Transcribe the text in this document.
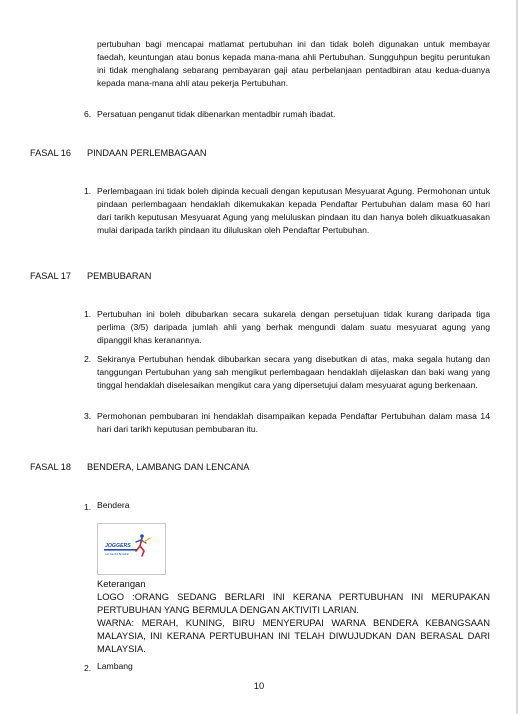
pertubuhan bagi mencapai matlamat pertubuhan ini dan tidak boleh digunakan untuk membayar faedah, keuntungan atau bonus kepada mana-mana ahli Pertubuhan. Sungguhpun begitu peruntukan ini tidak menghalang sebarang pembayaran gaji atau perbelanjaan pentadbiran atau kedua-duanya kepada mana-mana ahli atau pekerja Pertubuhan.

6. Persatuan penganut tidak dibenarkan mentadbir rumah ibadat.

FASAL 16 PINDAAN PERLEMBAGAAN
1. Perlembagaan ini tidak boleh dipinda kecuali dengan keputusan Mesyuarat Agung. Permohonan untuk pindaan perlembagaan hendaklah dikemukakan kepada Pendaftar Pertubuhan dalam masa 60 hari dari tarikh keputusan Mesyuarat Agung yang meluluskan pindaan itu dan hanya boleh dikuatkuasakan mulai daripada tarikh pindaan itu diluluskan oleh Pendaftar Pertubuhan.

FASAL 17 PEMBUBARAN
1. Pertubuhan ini boleh dibubarkan secara sukarela dengan persetujuan tidak kurang daripada tiga perlima (3/5) daripada jumlah ahli yang berhak mengundi dalam suatu mesyuarat agung yang dipanggil khas keranannya.

2. Sekiranya Pertubuhan hendak dibubarkan secara yang disebutkan di atas, maka segala hutang dan tanggungan Pertubuhan yang sah mengikut perlembagaan hendaklah dijelaskan dan baki wang yang tinggal hendaklah diselesaikan mengikut cara yang dipersetujui dalam mesyuarat agung berkenaan.

3. Permohonan pembubaran ini hendaklah disampaikan kepada Pendaftar Pertubuhan dalam masa 14 hari dari tarikh keputusan pembubaran itu.

FASAL 18 BENDERA, LAMBANG DAN LENCANA
1. Bendera
JOGGERS
Lari Sambil Beriadah
Keterangan

LOGO :ORANG SEDANG BERLARI INI KERANA PERTUBUHAN INI MERUPAKAN PERTUBUHAN YANG BERMULA DENGAN AKTIVITI LARIAN.

WARNA: MERAH, KUNING, BIRU MENYERUPAI WARNA BENDERA KEBANGSAAN MALAYSIA, INI KERANA PERTUBUHAN INI TELAH DIWUJUDKAN DAN BERASAL DARI MALAYSIA.

2. Lambang
10
